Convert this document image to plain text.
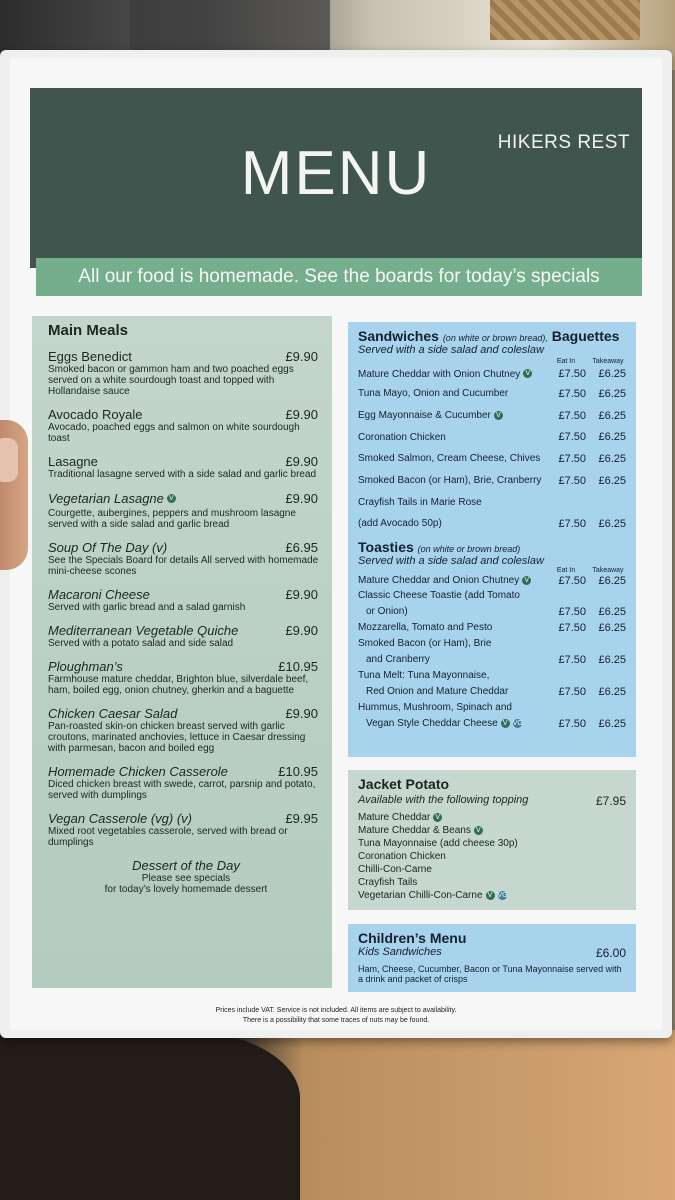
HIKERS REST
MENU
All our food is homemade. See the boards for today’s specials
Main Meals
Eggs Benedict	£9.90
Smoked bacon or gammon ham and two poached eggs served on a white sourdough toast and topped with Hollandaise sauce
Avocado Royale	£9.90
Avocado, poached eggs and salmon on white sourdough toast
Lasagne	£9.90
Traditional lasagne served with a side salad and garlic bread
Vegetarian Lasagne V	£9.90
Courgette, aubergines, peppers and mushroom lasagne served with a side salad and garlic bread
Soup Of The Day (v)	£6.95
See the Specials Board for details All served with homemade mini-cheese scones
Macaroni Cheese	£9.90
Served with garlic bread and a salad garnish
Mediterranean Vegetable Quiche	£9.90
Served with a potato salad and side salad
Ploughman’s	£10.95
Farmhouse mature cheddar, Brighton blue, silverdale beef, ham, boiled egg, onion chutney, gherkin and a baguette
Chicken Caesar Salad	£9.90
Pan-roasted skin-on chicken breast served with garlic croutons, marinated anchovies, lettuce in Caesar dressing with parmesan, bacon and boiled egg
Homemade Chicken Casserole	£10.95
Diced chicken breast with swede, carrot, parsnip and potato, served with dumplings
Vegan Casserole (vg) (v)	£9.95
Mixed root vegetables casserole, served with bread or dumplings
Dessert of the Day
Please see specials
for today’s lovely homemade dessert
Sandwiches (on white or brown bread), Baguettes
Served with a side salad and coleslaw
Eat In	Takeaway
Mature Cheddar with Onion Chutney V	£7.50	£6.25
Tuna Mayo, Onion and Cucumber	£7.50	£6.25
Egg Mayonnaise & Cucumber V	£7.50	£6.25
Coronation Chicken	£7.50	£6.25
Smoked Salmon, Cream Cheese, Chives	£7.50	£6.25
Smoked Bacon (or Ham), Brie, Cranberry	£7.50	£6.25
Crayfish Tails in Marie Rose
(add Avocado 50p)	£7.50	£6.25
Toasties (on white or brown bread)
Served with a side salad and coleslaw
Eat In	Takeaway
Mature Cheddar and Onion Chutney V	£7.50	£6.25
Classic Cheese Toastie (add Tomato
or Onion)	£7.50	£6.25
Mozzarella, Tomato and Pesto	£7.50	£6.25
Smoked Bacon (or Ham), Brie
and Cranberry	£7.50	£6.25
Tuna Melt: Tuna Mayonnaise,
Red Onion and Mature Cheddar	£7.50	£6.25
Hummus, Mushroom, Spinach and
Vegan Style Cheddar Cheese V VG	£7.50	£6.25
Jacket Potato
Available with the following topping	£7.95
Mature Cheddar V
Mature Cheddar & Beans V
Tuna Mayonnaise (add cheese 30p)
Coronation Chicken
Chilli-Con-Carne
Crayfish Tails
Vegetarian Chilli-Con-Carne V VG
Children’s Menu
Kids Sandwiches	£6.00
Ham, Cheese, Cucumber, Bacon or Tuna Mayonnaise served with a drink and packet of crisps
Prices include VAT. Service is not included. All items are subject to availability.
There is a possibility that some traces of nuts may be found.
